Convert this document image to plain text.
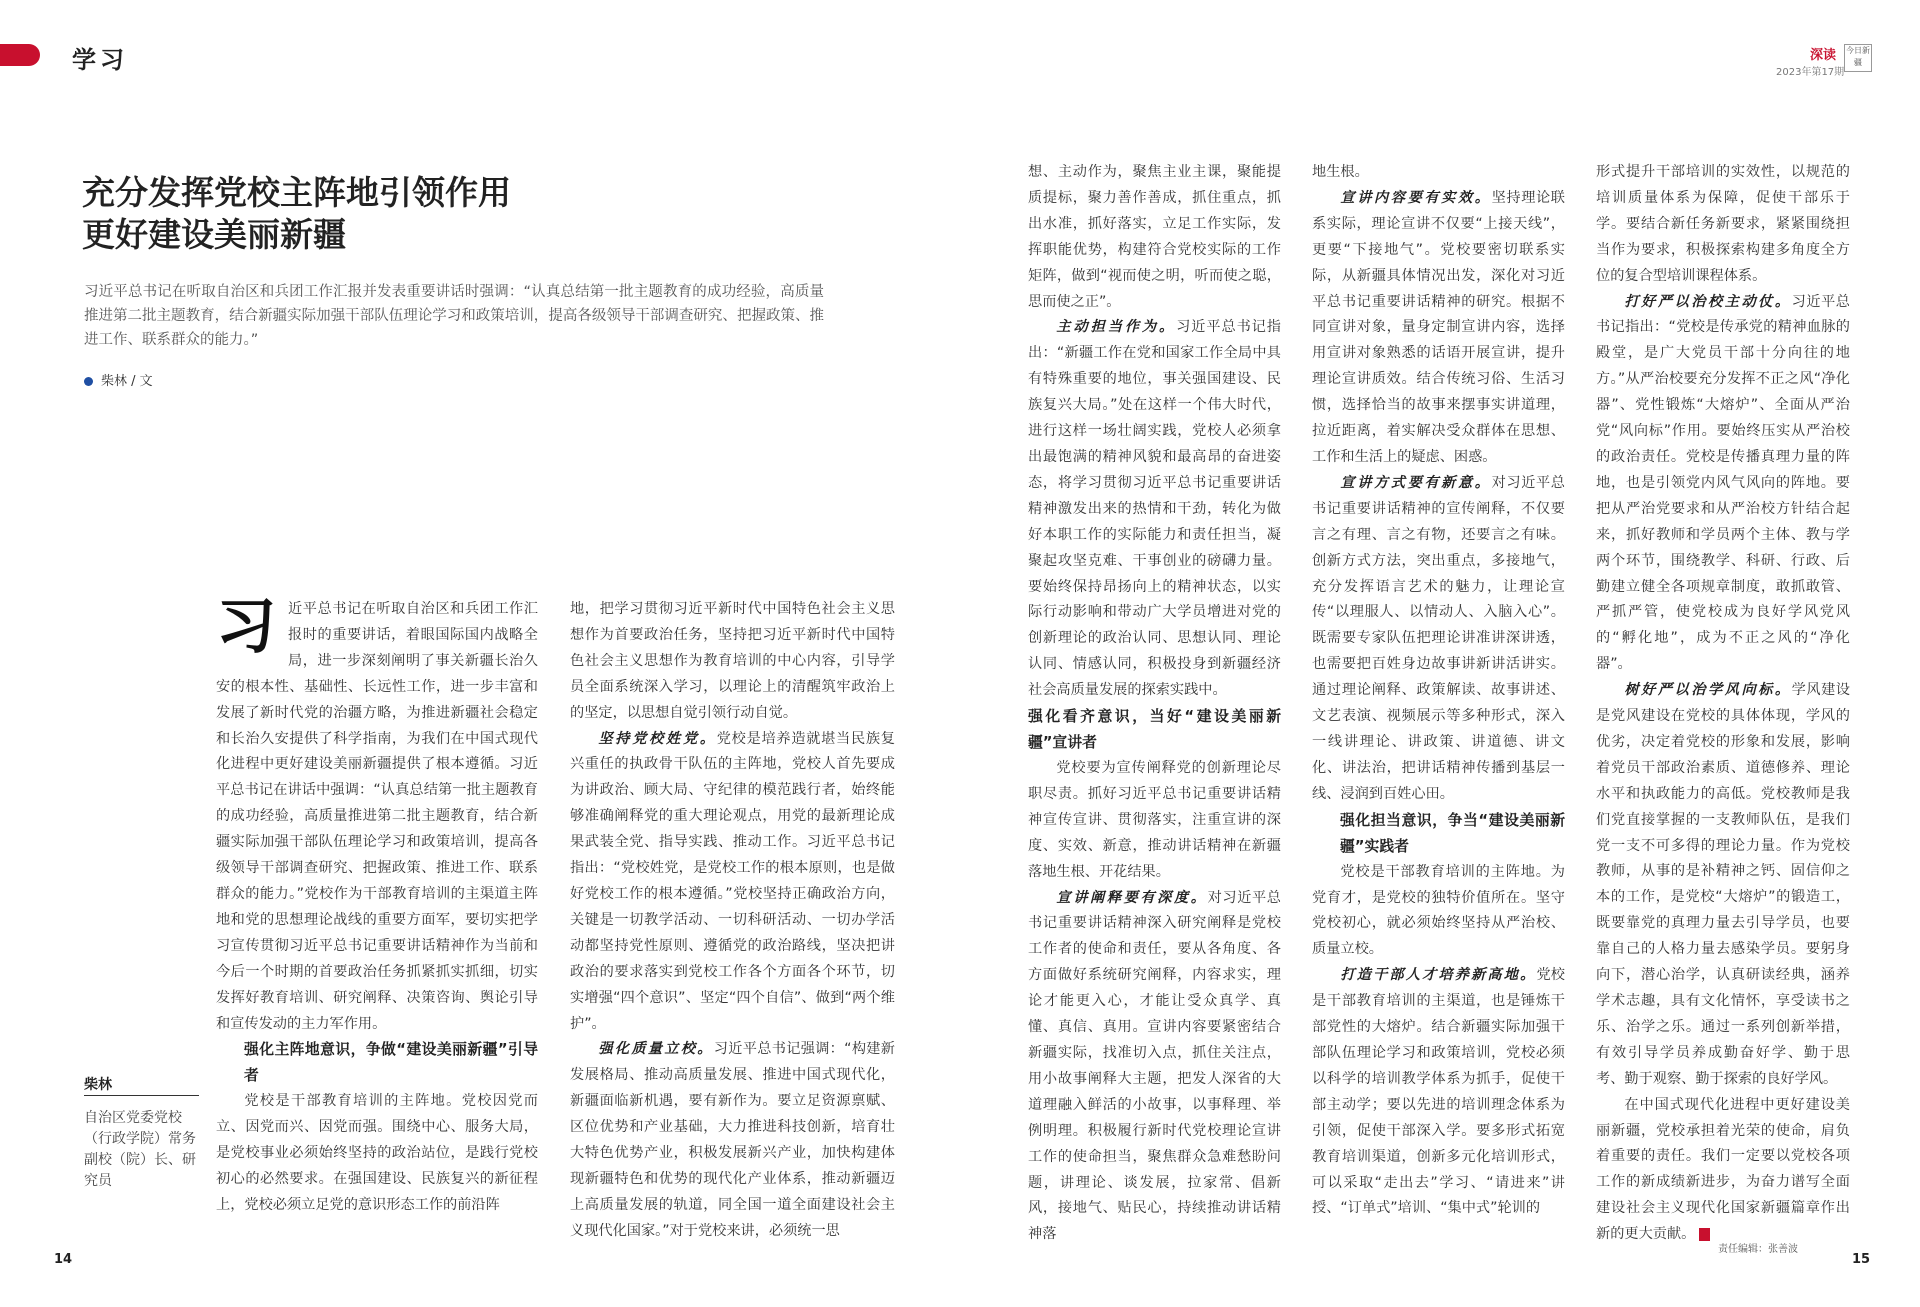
学习	深读
2023年第17期
今日新疆
充分发挥党校主阵地引领作用
更好建设美丽新疆
习近平总书记在听取自治区和兵团工作汇报并发表重要讲话时强调：“认真总结第一批主题教育的成功经验，高质量推进第二批主题教育，结合新疆实际加强干部队伍理论学习和政策培训，提高各级领导干部调查研究、把握政策、推进工作、联系群众的能力。”
柴林 / 文
柴林
自治区党委党校（行政学院）常务副校（院）长、研究员

习近平总书记在听取自治区和兵团工作汇报时的重要讲话，着眼国际国内战略全局，进一步深刻阐明了事关新疆长治久安的根本性、基础性、长远性工作，进一步丰富和发展了新时代党的治疆方略，为推进新疆社会稳定和长治久安提供了科学指南，为我们在中国式现代化进程中更好建设美丽新疆提供了根本遵循。习近平总书记在讲话中强调：“认真总结第一批主题教育的成功经验，高质量推进第二批主题教育，结合新疆实际加强干部队伍理论学习和政策培训，提高各级领导干部调查研究、把握政策、推进工作、联系群众的能力。”党校作为干部教育培训的主渠道主阵地和党的思想理论战线的重要方面军，要切实把学习宣传贯彻习近平总书记重要讲话精神作为当前和今后一个时期的首要政治任务抓紧抓实抓细，切实发挥好教育培训、研究阐释、决策咨询、舆论引导和宣传发动的主力军作用。

强化主阵地意识，争做“建设美丽新疆”引导者

党校是干部教育培训的主阵地。党校因党而立、因党而兴、因党而强。围绕中心、服务大局，是党校事业必须始终坚持的政治站位，是践行党校初心的必然要求。在强国建设、民族复兴的新征程上，党校必须立足党的意识形态工作的前沿阵

地，把学习贯彻习近平新时代中国特色社会主义思想作为首要政治任务，坚持把习近平新时代中国特色社会主义思想作为教育培训的中心内容，引导学员全面系统深入学习，以理论上的清醒筑牢政治上的坚定，以思想自觉引领行动自觉。

坚持党校姓党。党校是培养造就堪当民族复兴重任的执政骨干队伍的主阵地，党校人首先要成为讲政治、顾大局、守纪律的模范践行者，始终能够准确阐释党的重大理论观点，用党的最新理论成果武装全党、指导实践、推动工作。习近平总书记指出：“党校姓党，是党校工作的根本原则，也是做好党校工作的根本遵循。”党校坚持正确政治方向，关键是一切教学活动、一切科研活动、一切办学活动都坚持党性原则、遵循党的政治路线，坚决把讲政治的要求落实到党校工作各个方面各个环节，切实增强“四个意识”、坚定“四个自信”、做到“两个维护”。

强化质量立校。习近平总书记强调：“构建新发展格局、推动高质量发展、推进中国式现代化，新疆面临新机遇，要有新作为。要立足资源禀赋、区位优势和产业基础，大力推进科技创新，培育壮大特色优势产业，积极发展新兴产业，加快构建体现新疆特色和优势的现代化产业体系，推动新疆迈上高质量发展的轨道，同全国一道全面建设社会主义现代化国家。”对于党校来讲，必须统一思

想、主动作为，聚焦主业主课，聚能提质提标，聚力善作善成，抓住重点，抓出水准，抓好落实，立足工作实际，发挥职能优势，构建符合党校实际的工作矩阵，做到“视而使之明，听而使之聪，思而使之正”。

主动担当作为。习近平总书记指出：“新疆工作在党和国家工作全局中具有特殊重要的地位，事关强国建设、民族复兴大局。”处在这样一个伟大时代，进行这样一场壮阔实践，党校人必须拿出最饱满的精神风貌和最高昂的奋进姿态，将学习贯彻习近平总书记重要讲话精神激发出来的热情和干劲，转化为做好本职工作的实际能力和责任担当，凝聚起攻坚克难、干事创业的磅礴力量。要始终保持昂扬向上的精神状态，以实际行动影响和带动广大学员增进对党的创新理论的政治认同、思想认同、理论认同、情感认同，积极投身到新疆经济社会高质量发展的探索实践中。

强化看齐意识，当好“建设美丽新疆”宣讲者

党校要为宣传阐释党的创新理论尽职尽责。抓好习近平总书记重要讲话精神宣传宣讲、贯彻落实，注重宣讲的深度、实效、新意，推动讲话精神在新疆落地生根、开花结果。

宣讲阐释要有深度。对习近平总书记重要讲话精神深入研究阐释是党校工作者的使命和责任，要从各角度、各方面做好系统研究阐释，内容求实，理论才能更入心，才能让受众真学、真懂、真信、真用。宣讲内容要紧密结合新疆实际，找准切入点，抓住关注点，用小故事阐释大主题，把发人深省的大道理融入鲜活的小故事，以事释理、举例明理。积极履行新时代党校理论宣讲工作的使命担当，聚焦群众急难愁盼问题，讲理论、谈发展，拉家常、倡新风，接地气、贴民心，持续推动讲话精神落

地生根。

宣讲内容要有实效。坚持理论联系实际，理论宣讲不仅要“上接天线”，更要“下接地气”。党校要密切联系实际，从新疆具体情况出发，深化对习近平总书记重要讲话精神的研究。根据不同宣讲对象，量身定制宣讲内容，选择用宣讲对象熟悉的话语开展宣讲，提升理论宣讲质效。结合传统习俗、生活习惯，选择恰当的故事来摆事实讲道理，拉近距离，着实解决受众群体在思想、工作和生活上的疑虑、困惑。

宣讲方式要有新意。对习近平总书记重要讲话精神的宣传阐释，不仅要言之有理、言之有物，还要言之有味。创新方式方法，突出重点，多接地气，充分发挥语言艺术的魅力，让理论宣传“以理服人、以情动人、入脑入心”。既需要专家队伍把理论讲准讲深讲透，也需要把百姓身边故事讲新讲活讲实。通过理论阐释、政策解读、故事讲述、文艺表演、视频展示等多种形式，深入一线讲理论、讲政策、讲道德、讲文化、讲法治，把讲话精神传播到基层一线、浸润到百姓心田。

强化担当意识，争当“建设美丽新疆”实践者

党校是干部教育培训的主阵地。为党育才，是党校的独特价值所在。坚守党校初心，就必须始终坚持从严治校、质量立校。

打造干部人才培养新高地。党校是干部教育培训的主渠道，也是锤炼干部党性的大熔炉。结合新疆实际加强干部队伍理论学习和政策培训，党校必须以科学的培训教学体系为抓手，促使干部主动学；要以先进的培训理念体系为引领，促使干部深入学。要多形式拓宽教育培训渠道，创新多元化培训形式，可以采取“走出去”学习、“请进来”讲授、“订单式”培训、“集中式”轮训的

形式提升干部培训的实效性，以规范的培训质量体系为保障，促使干部乐于学。要结合新任务新要求，紧紧围绕担当作为要求，积极探索构建多角度全方位的复合型培训课程体系。

打好严以治校主动仗。习近平总书记指出：“党校是传承党的精神血脉的殿堂，是广大党员干部十分向往的地方。”从严治校要充分发挥不正之风“净化器”、党性锻炼“大熔炉”、全面从严治党“风向标”作用。要始终压实从严治校的政治责任。党校是传播真理力量的阵地，也是引领党内风气风向的阵地。要把从严治党要求和从严治校方针结合起来，抓好教师和学员两个主体、教与学两个环节，围绕教学、科研、行政、后勤建立健全各项规章制度，敢抓敢管、严抓严管，使党校成为良好学风党风的“孵化地”，成为不正之风的“净化器”。

树好严以治学风向标。学风建设是党风建设在党校的具体体现，学风的优劣，决定着党校的形象和发展，影响着党员干部政治素质、道德修养、理论水平和执政能力的高低。党校教师是我们党直接掌握的一支教师队伍，是我们党一支不可多得的理论力量。作为党校教师，从事的是补精神之钙、固信仰之本的工作，是党校“大熔炉”的锻造工，既要靠党的真理力量去引导学员，也要靠自己的人格力量去感染学员。要躬身向下，潜心治学，认真研读经典，涵养学术志趣，具有文化情怀，享受读书之乐、治学之乐。通过一系列创新举措，有效引导学员养成勤奋好学、勤于思考、勤于观察、勤于探索的良好学风。

在中国式现代化进程中更好建设美丽新疆，党校承担着光荣的使命，肩负着重要的责任。我们一定要以党校各项工作的新成绩新进步，为奋力谱写全面建设社会主义现代化国家新疆篇章作出新的更大贡献。

14	15
责任编辑：张善波
